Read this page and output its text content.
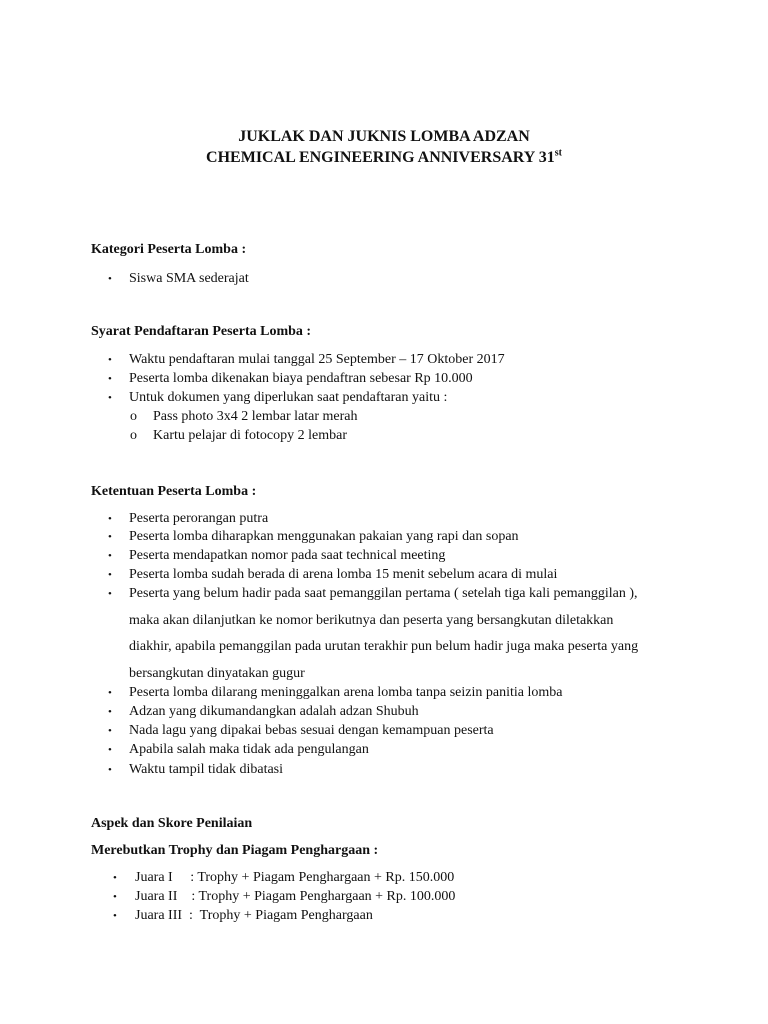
JUKLAK DAN JUKNIS LOMBA ADZAN
CHEMICAL ENGINEERING ANNIVERSARY 31st
Kategori Peserta Lomba :
• Siswa SMA sederajat
Syarat Pendaftaran Peserta Lomba :
• Waktu pendaftaran mulai tanggal 25 September – 17 Oktober 2017
• Peserta lomba dikenakan biaya pendaftran sebesar Rp 10.000
• Untuk dokumen yang diperlukan saat pendaftaran yaitu :
o Pass photo 3x4 2 lembar latar merah
o Kartu pelajar di fotocopy 2 lembar
Ketentuan Peserta Lomba :
• Peserta perorangan putra
• Peserta lomba diharapkan menggunakan pakaian yang rapi dan sopan
• Peserta mendapatkan nomor pada saat technical meeting
• Peserta lomba sudah berada di arena lomba 15 menit sebelum acara di mulai
• Peserta yang belum hadir pada saat pemanggilan pertama ( setelah tiga kali pemanggilan ),
maka akan dilanjutkan ke nomor berikutnya dan peserta yang bersangkutan diletakkan
diakhir, apabila pemanggilan pada urutan terakhir pun belum hadir juga maka peserta yang
bersangkutan dinyatakan gugur
• Peserta lomba dilarang meninggalkan arena lomba tanpa seizin panitia lomba
• Adzan yang dikumandangkan adalah adzan Shubuh
• Nada lagu yang dipakai bebas sesuai dengan kemampuan peserta
• Apabila salah maka tidak ada pengulangan
• Waktu tampil tidak dibatasi
Aspek dan Skore Penilaian
Merebutkan Trophy dan Piagam Penghargaan :
• Juara I     : Trophy + Piagam Penghargaan + Rp. 150.000
• Juara II    : Trophy + Piagam Penghargaan + Rp. 100.000
• Juara III  :  Trophy + Piagam Penghargaan
